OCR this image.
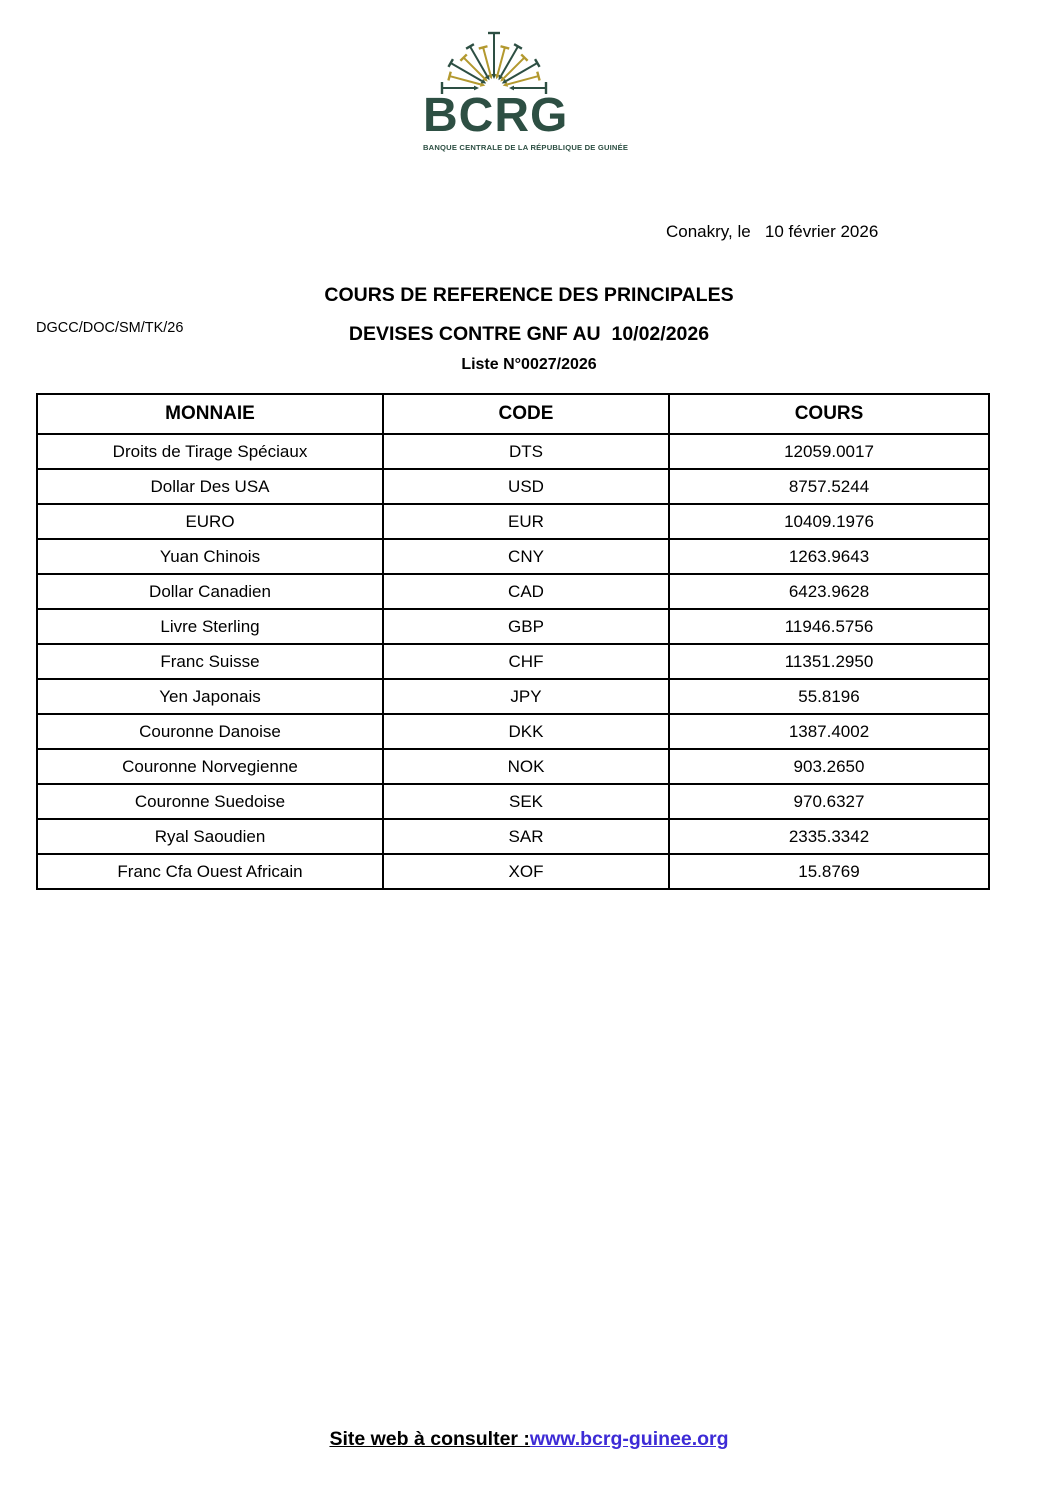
BCRG
BANQUE CENTRALE DE LA RÉPUBLIQUE DE GUINÉE
Conakry, le   10 février 2026
COURS DE REFERENCE DES PRINCIPALES
DGCC/DOC/SM/TK/26	DEVISES CONTRE GNF AU  10/02/2026
Liste N°0027/2026
MONNAIE	CODE	COURS
Droits de Tirage Spéciaux	DTS	12059.0017
Dollar Des USA	USD	8757.5244
EURO	EUR	10409.1976
Yuan Chinois	CNY	1263.9643
Dollar Canadien	CAD	6423.9628
Livre Sterling	GBP	11946.5756
Franc Suisse	CHF	11351.2950
Yen Japonais	JPY	55.8196
Couronne Danoise	DKK	1387.4002
Couronne Norvegienne	NOK	903.2650
Couronne Suedoise	SEK	970.6327
Ryal Saoudien	SAR	2335.3342
Franc Cfa Ouest Africain	XOF	15.8769
Site web à consulter :www.bcrg-guinee.org
